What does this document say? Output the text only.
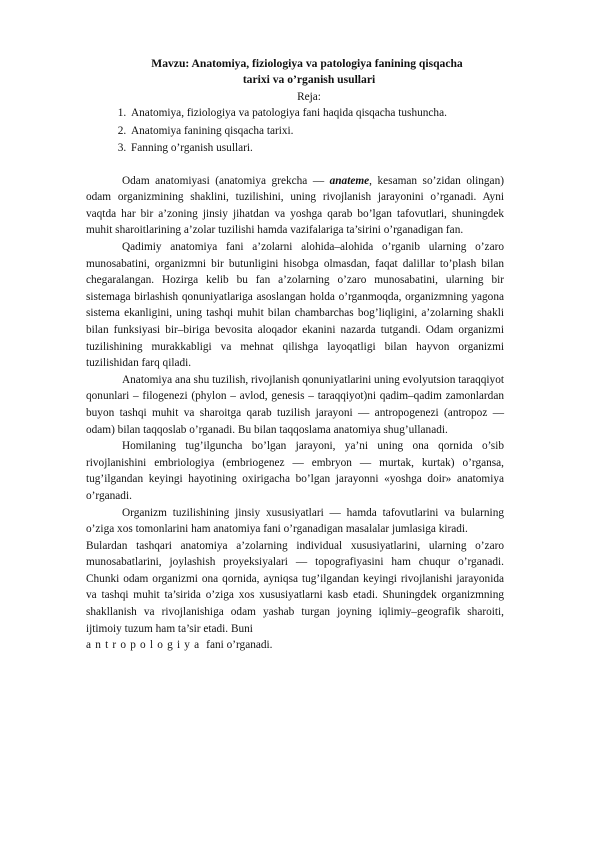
Mavzu: Anatomiya, fiziologiya va patologiya fanining qisqacha
tarixi va o’rganish usullari
Reja:
1. Anatomiya, fiziologiya va patologiya fani haqida qisqacha tushuncha.
2. Anatomiya fanining qisqacha tarixi.
3. Fanning o’rganish usullari.

Odam anatomiyasi (anatomiya grekcha — anateme, kesaman so’zidan olingan) odam organizmining shaklini, tuzilishini, uning rivojlanish jarayonini o’rganadi. Ayni vaqtda har bir a’zoning jinsiy jihatdan va yoshga qarab bo’lgan tafovutlari, shuningdek muhit sharoitlarining a’zolar tuzilishi hamda vazifalariga ta’sirini o’rganadigan fan.

Qadimiy anatomiya fani a’zolarni alohida–alohida o’rganib ularning o’zaro munosabatini, organizmni bir butunligini hisobga olmasdan, faqat dalillar to’plash bilan chegaralangan. Hozirga kelib bu fan a’zolarning o’zaro munosabatini, ularning bir sistemaga birlashish qonuniyatlariga asoslangan holda o’rganmoqda, organizmning yagona sistema ekanligini, uning tashqi muhit bilan chambarchas bog’liqligini, a’zolarning shakli bilan funksiyasi bir–biriga bevosita aloqador ekanini nazarda tutgandi. Odam organizmi tuzilishining murakkabligi va mehnat qilishga layoqatligi bilan hayvon organizmi tuzilishidan farq qiladi.

Anatomiya ana shu tuzilish, rivojlanish qonuniyatlarini uning evolyutsion taraqqiyot qonunlari – filogenezi (phylon – avlod, genesis – taraqqiyot)ni qadim–qadim zamonlardan buyon tashqi muhit va sharoitga qarab tuzilish jarayoni — antropogenezi (antropoz — odam) bilan taqqoslab o’rganadi. Bu bilan taqqoslama anatomiya shug’ullanadi.

Homilaning tug’ilguncha bo’lgan jarayoni, ya’ni uning ona qornida o’sib rivojlanishini embriologiya (embriogenez — embryon — murtak, kurtak) o’rgansa, tug’ilgandan keyingi hayotining oxirigacha bo’lgan jarayonni «yoshga doir» anatomiya o’rganadi.

Organizm tuzilishining jinsiy xususiyatlari — hamda tafovutlarini va bularning o’ziga xos tomonlarini ham anatomiya fani o’rganadigan masalalar jumlasiga kiradi.

Bulardan tashqari anatomiya a’zolarning individual xususiyatlarini, ularning o’zaro munosabatlarini, joylashish proyeksiyalari — topografiyasini ham chuqur o’rganadi. Chunki odam organizmi ona qornida, ayniqsa tug’ilgandan keyingi rivojlanishi jarayonida va tashqi muhit ta’sirida o’ziga xos xususiyatlarni kasb etadi. Shuningdek organizmning shakllanish va rivojlanishiga odam yashab turgan joyning iqlimiy–geografik sharoiti, ijtimoiy tuzum ham ta’sir etadi. Buni
antropologiya fani o’rganadi.
